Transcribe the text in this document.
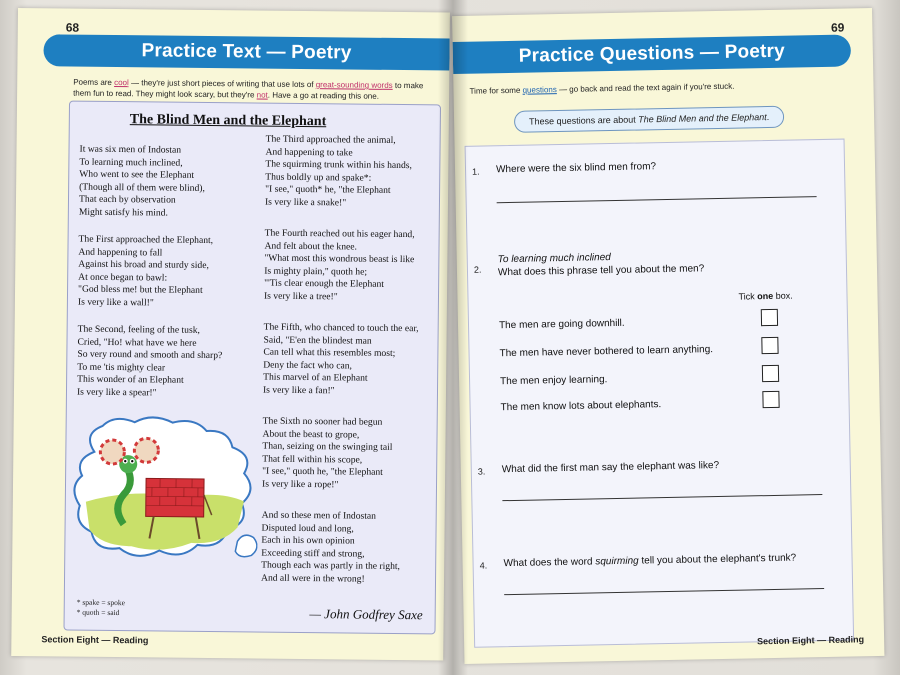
68
Practice Text — Poetry
Poems are cool — they're just short pieces of writing that use lots of great-sounding words to make them fun to read. They might look scary, but they're not. Have a go at reading this one.
The Blind Men and the Elephant
It was six men of Indostan
To learning much inclined,
Who went to see the Elephant
(Though all of them were blind),
That each by observation
Might satisfy his mind.
The First approached the Elephant,
And happening to fall
Against his broad and sturdy side,
At once began to bawl:
"God bless me! but the Elephant
Is very like a wall!"
The Second, feeling of the tusk,
Cried, "Ho! what have we here
So very round and smooth and sharp?
To me 'tis mighty clear
This wonder of an Elephant
Is very like a spear!"
The Third approached the animal,
And happening to take
The squirming trunk within his hands,
Thus boldly up and spake*:
"I see," quoth* he, "the Elephant
Is very like a snake!"
The Fourth reached out his eager hand,
And felt about the knee.
"What most this wondrous beast is like
Is mighty plain," quoth he;
"'Tis clear enough the Elephant
Is very like a tree!"
The Fifth, who chanced to touch the ear,
Said, "E'en the blindest man
Can tell what this resembles most;
Deny the fact who can,
This marvel of an Elephant
Is very like a fan!"
The Sixth no sooner had begun
About the beast to grope,
Than, seizing on the swinging tail
That fell within his scope,
"I see," quoth he, "the Elephant
Is very like a rope!"
And so these men of Indostan
Disputed loud and long,
Each in his own opinion
Exceeding stiff and strong,
Though each was partly in the right,
And all were in the wrong!
* spake = spoke
* quoth = said	— John Godfrey Saxe
Section Eight — Reading
69
Practice Questions — Poetry
Time for some questions — go back and read the text again if you're stuck.
These questions are about The Blind Men and the Elephant.
1. Where were the six blind men from?
2.
To learning much inclined
What does this phrase tell you about the men?
Tick one box.
The men are going downhill.
The men have never bothered to learn anything.
The men enjoy learning.
The men know lots about elephants.
3. What did the first man say the elephant was like?
4. What does the word squirming tell you about the elephant's trunk?
Section Eight — Reading
